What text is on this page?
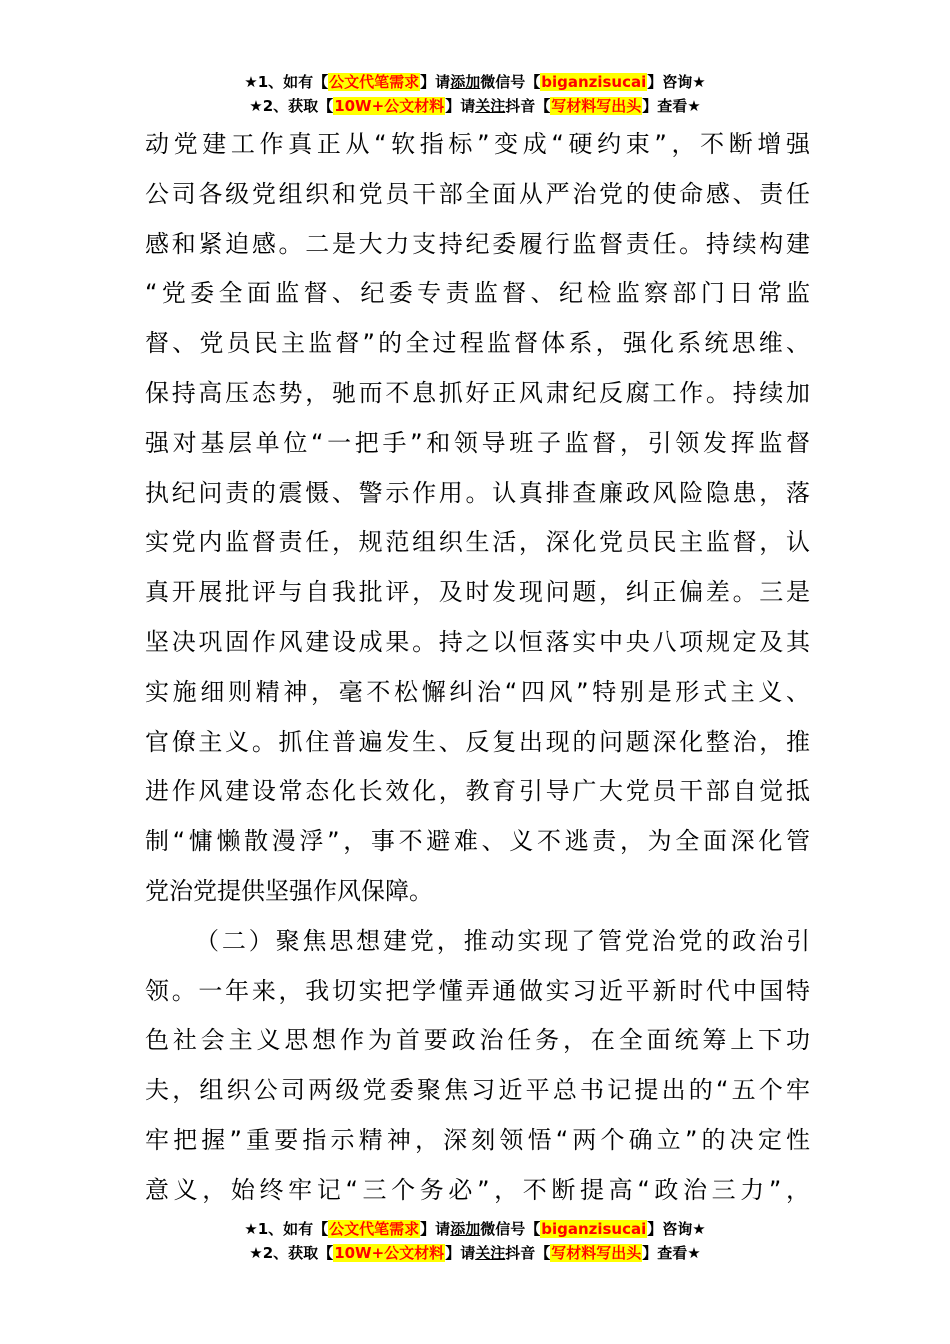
★1、如有【公文代笔需求】请添加微信号【biganzisucai】咨询★
★2、获取【10W+公文材料】请关注抖音【写材料写出头】查看★
动党建工作真正从“软指标”变成“硬约束”，不断增强
公司各级党组织和党员干部全面从严治党的使命感、责任
感和紧迫感。二是大力支持纪委履行监督责任。持续构建
“党委全面监督、纪委专责监督、纪检监察部门日常监
督、党员民主监督”的全过程监督体系，强化系统思维、
保持高压态势，驰而不息抓好正风肃纪反腐工作。持续加
强对基层单位“一把手”和领导班子监督，引领发挥监督
执纪问责的震慑、警示作用。认真排查廉政风险隐患，落
实党内监督责任，规范组织生活，深化党员民主监督，认
真开展批评与自我批评，及时发现问题，纠正偏差。三是
坚决巩固作风建设成果。持之以恒落实中央八项规定及其
实施细则精神，毫不松懈纠治“四风”特别是形式主义、
官僚主义。抓住普遍发生、反复出现的问题深化整治，推
进作风建设常态化长效化，教育引导广大党员干部自觉抵
制“慵懒散漫浮”，事不避难、义不逃责，为全面深化管
党治党提供坚强作风保障。
（二）聚焦思想建党，推动实现了管党治党的政治引
领。一年来，我切实把学懂弄通做实习近平新时代中国特
色社会主义思想作为首要政治任务，在全面统筹上下功
夫，组织公司两级党委聚焦习近平总书记提出的“五个牢
牢把握”重要指示精神，深刻领悟“两个确立”的决定性
意义，始终牢记“三个务必”，不断提高“政治三力”，
★1、如有【公文代笔需求】请添加微信号【biganzisucai】咨询★
★2、获取【10W+公文材料】请关注抖音【写材料写出头】查看★
